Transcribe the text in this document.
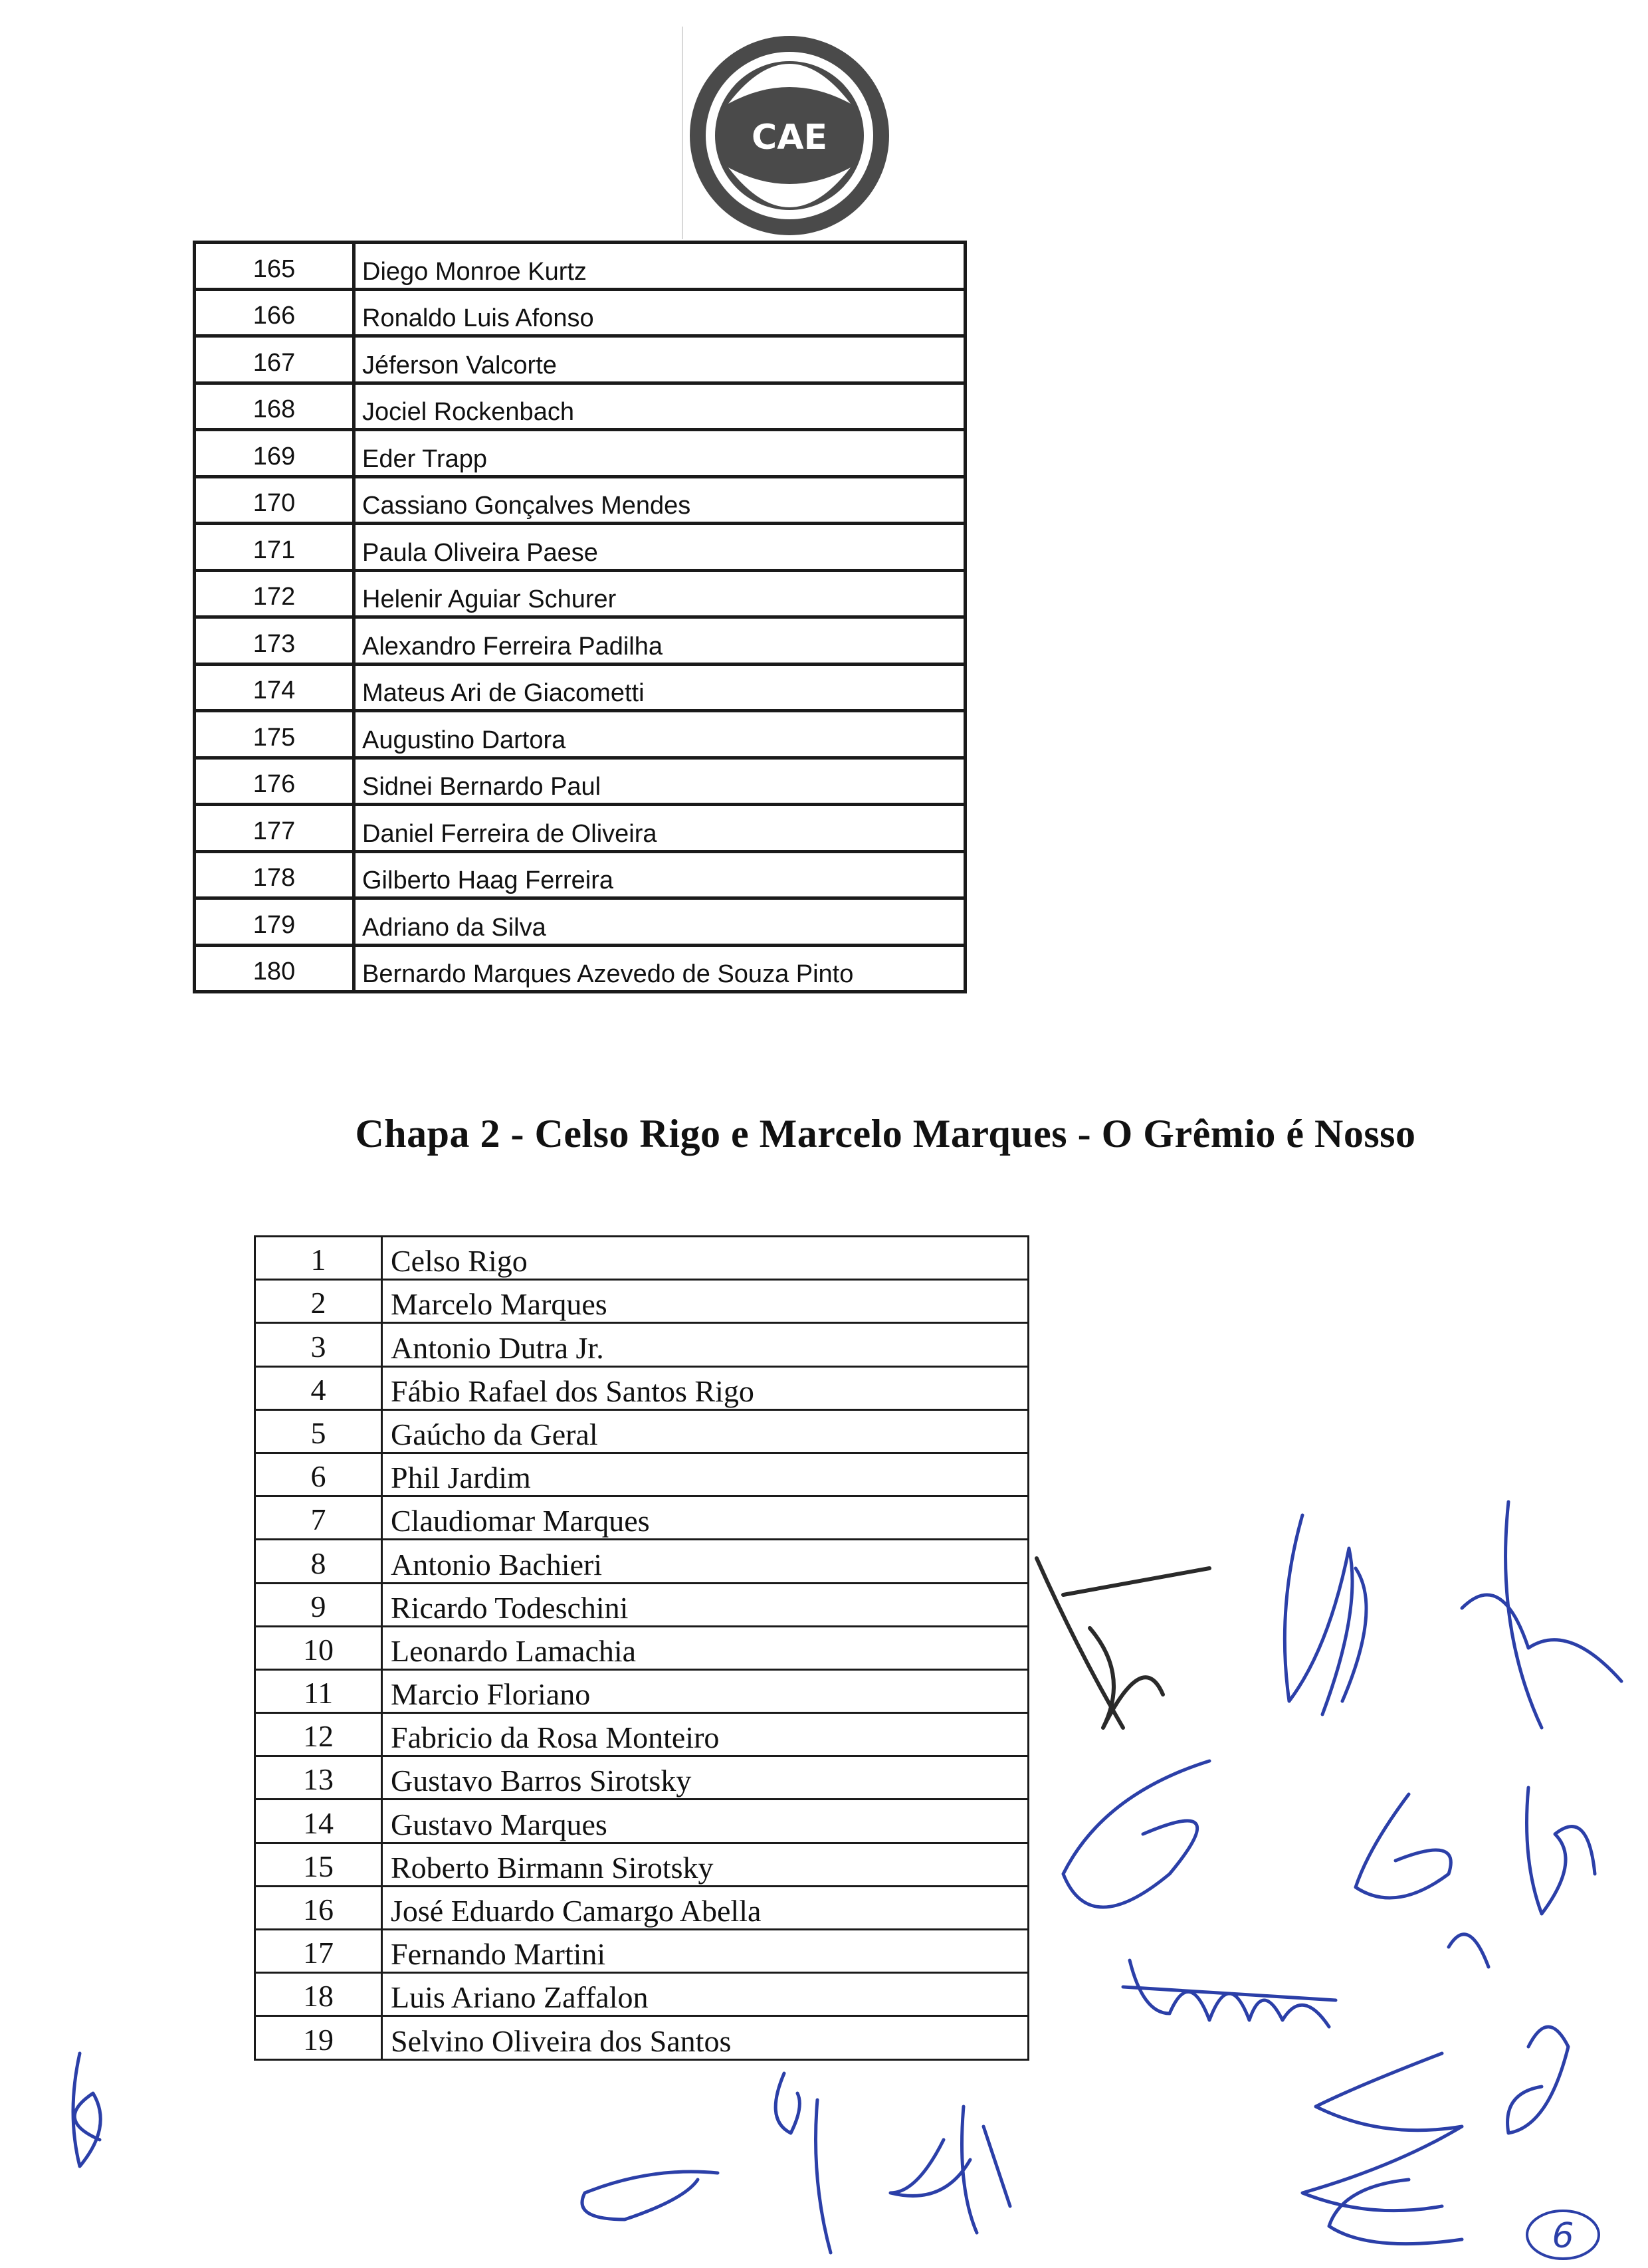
CAE
165	Diego Monroe Kurtz
166	Ronaldo Luis Afonso
167	Jéferson Valcorte
168	Jociel Rockenbach
169	Eder Trapp
170	Cassiano Gonçalves Mendes
171	Paula Oliveira Paese
172	Helenir Aguiar Schurer
173	Alexandro Ferreira Padilha
174	Mateus Ari de Giacometti
175	Augustino Dartora
176	Sidnei Bernardo Paul
177	Daniel Ferreira de Oliveira
178	Gilberto Haag Ferreira
179	Adriano da Silva
180	Bernardo Marques Azevedo de Souza Pinto
Chapa 2 - Celso Rigo e Marcelo Marques - O Grêmio é Nosso
1	Celso Rigo
2	Marcelo Marques
3	Antonio Dutra Jr.
4	Fábio Rafael dos Santos Rigo
5	Gaúcho da Geral
6	Phil Jardim
7	Claudiomar Marques
8	Antonio Bachieri
9	Ricardo Todeschini
10	Leonardo Lamachia
11	Marcio Floriano
12	Fabricio da Rosa Monteiro
13	Gustavo Barros Sirotsky
14	Gustavo Marques
15	Roberto Birmann Sirotsky
16	José Eduardo Camargo Abella
17	Fernando Martini
18	Luis Ariano Zaffalon
19	Selvino Oliveira dos Santos
6
